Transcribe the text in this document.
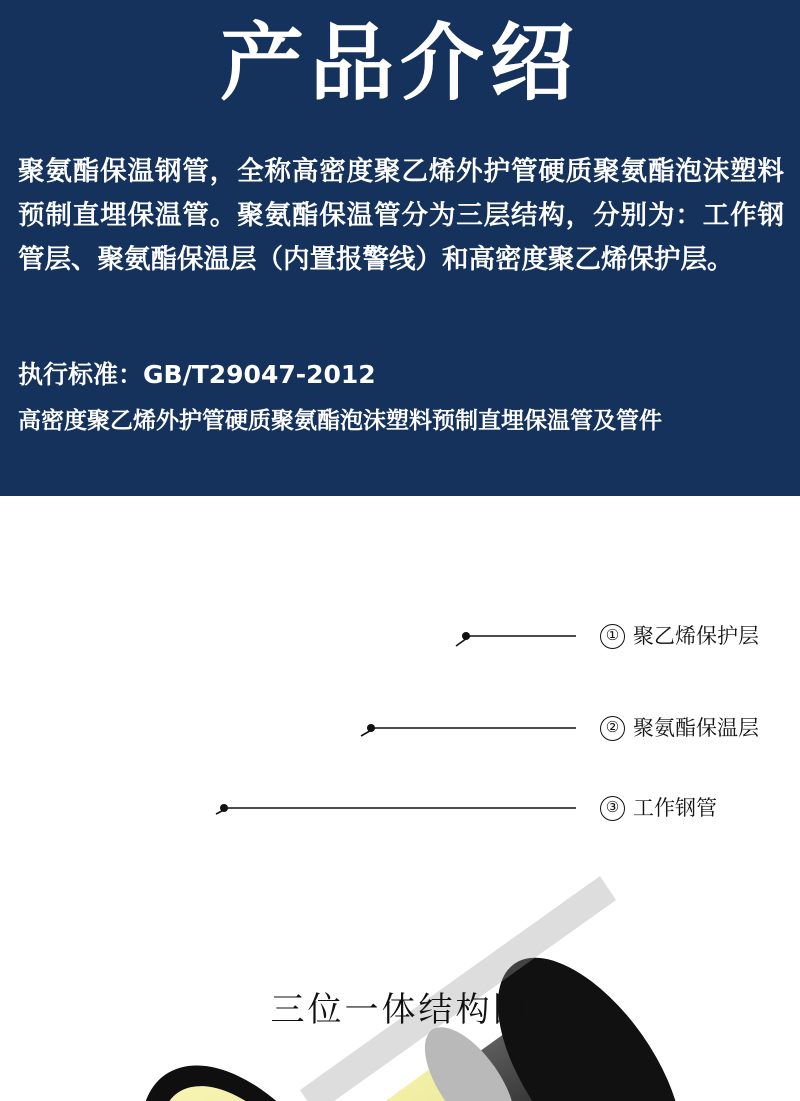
产品介绍
聚氨酯保温钢管，全称高密度聚乙烯外护管硬质聚氨酯泡沫塑料预制直埋保温管。聚氨酯保温管分为三层结构，分别为：工作钢管层、聚氨酯保温层（内置报警线）和高密度聚乙烯保护层。
执行标准：GB/T29047-2012
高密度聚乙烯外护管硬质聚氨酯泡沫塑料预制直埋保温管及管件
① 聚乙烯保护层
② 聚氨酯保温层
③ 工作钢管
三位一体结构图
